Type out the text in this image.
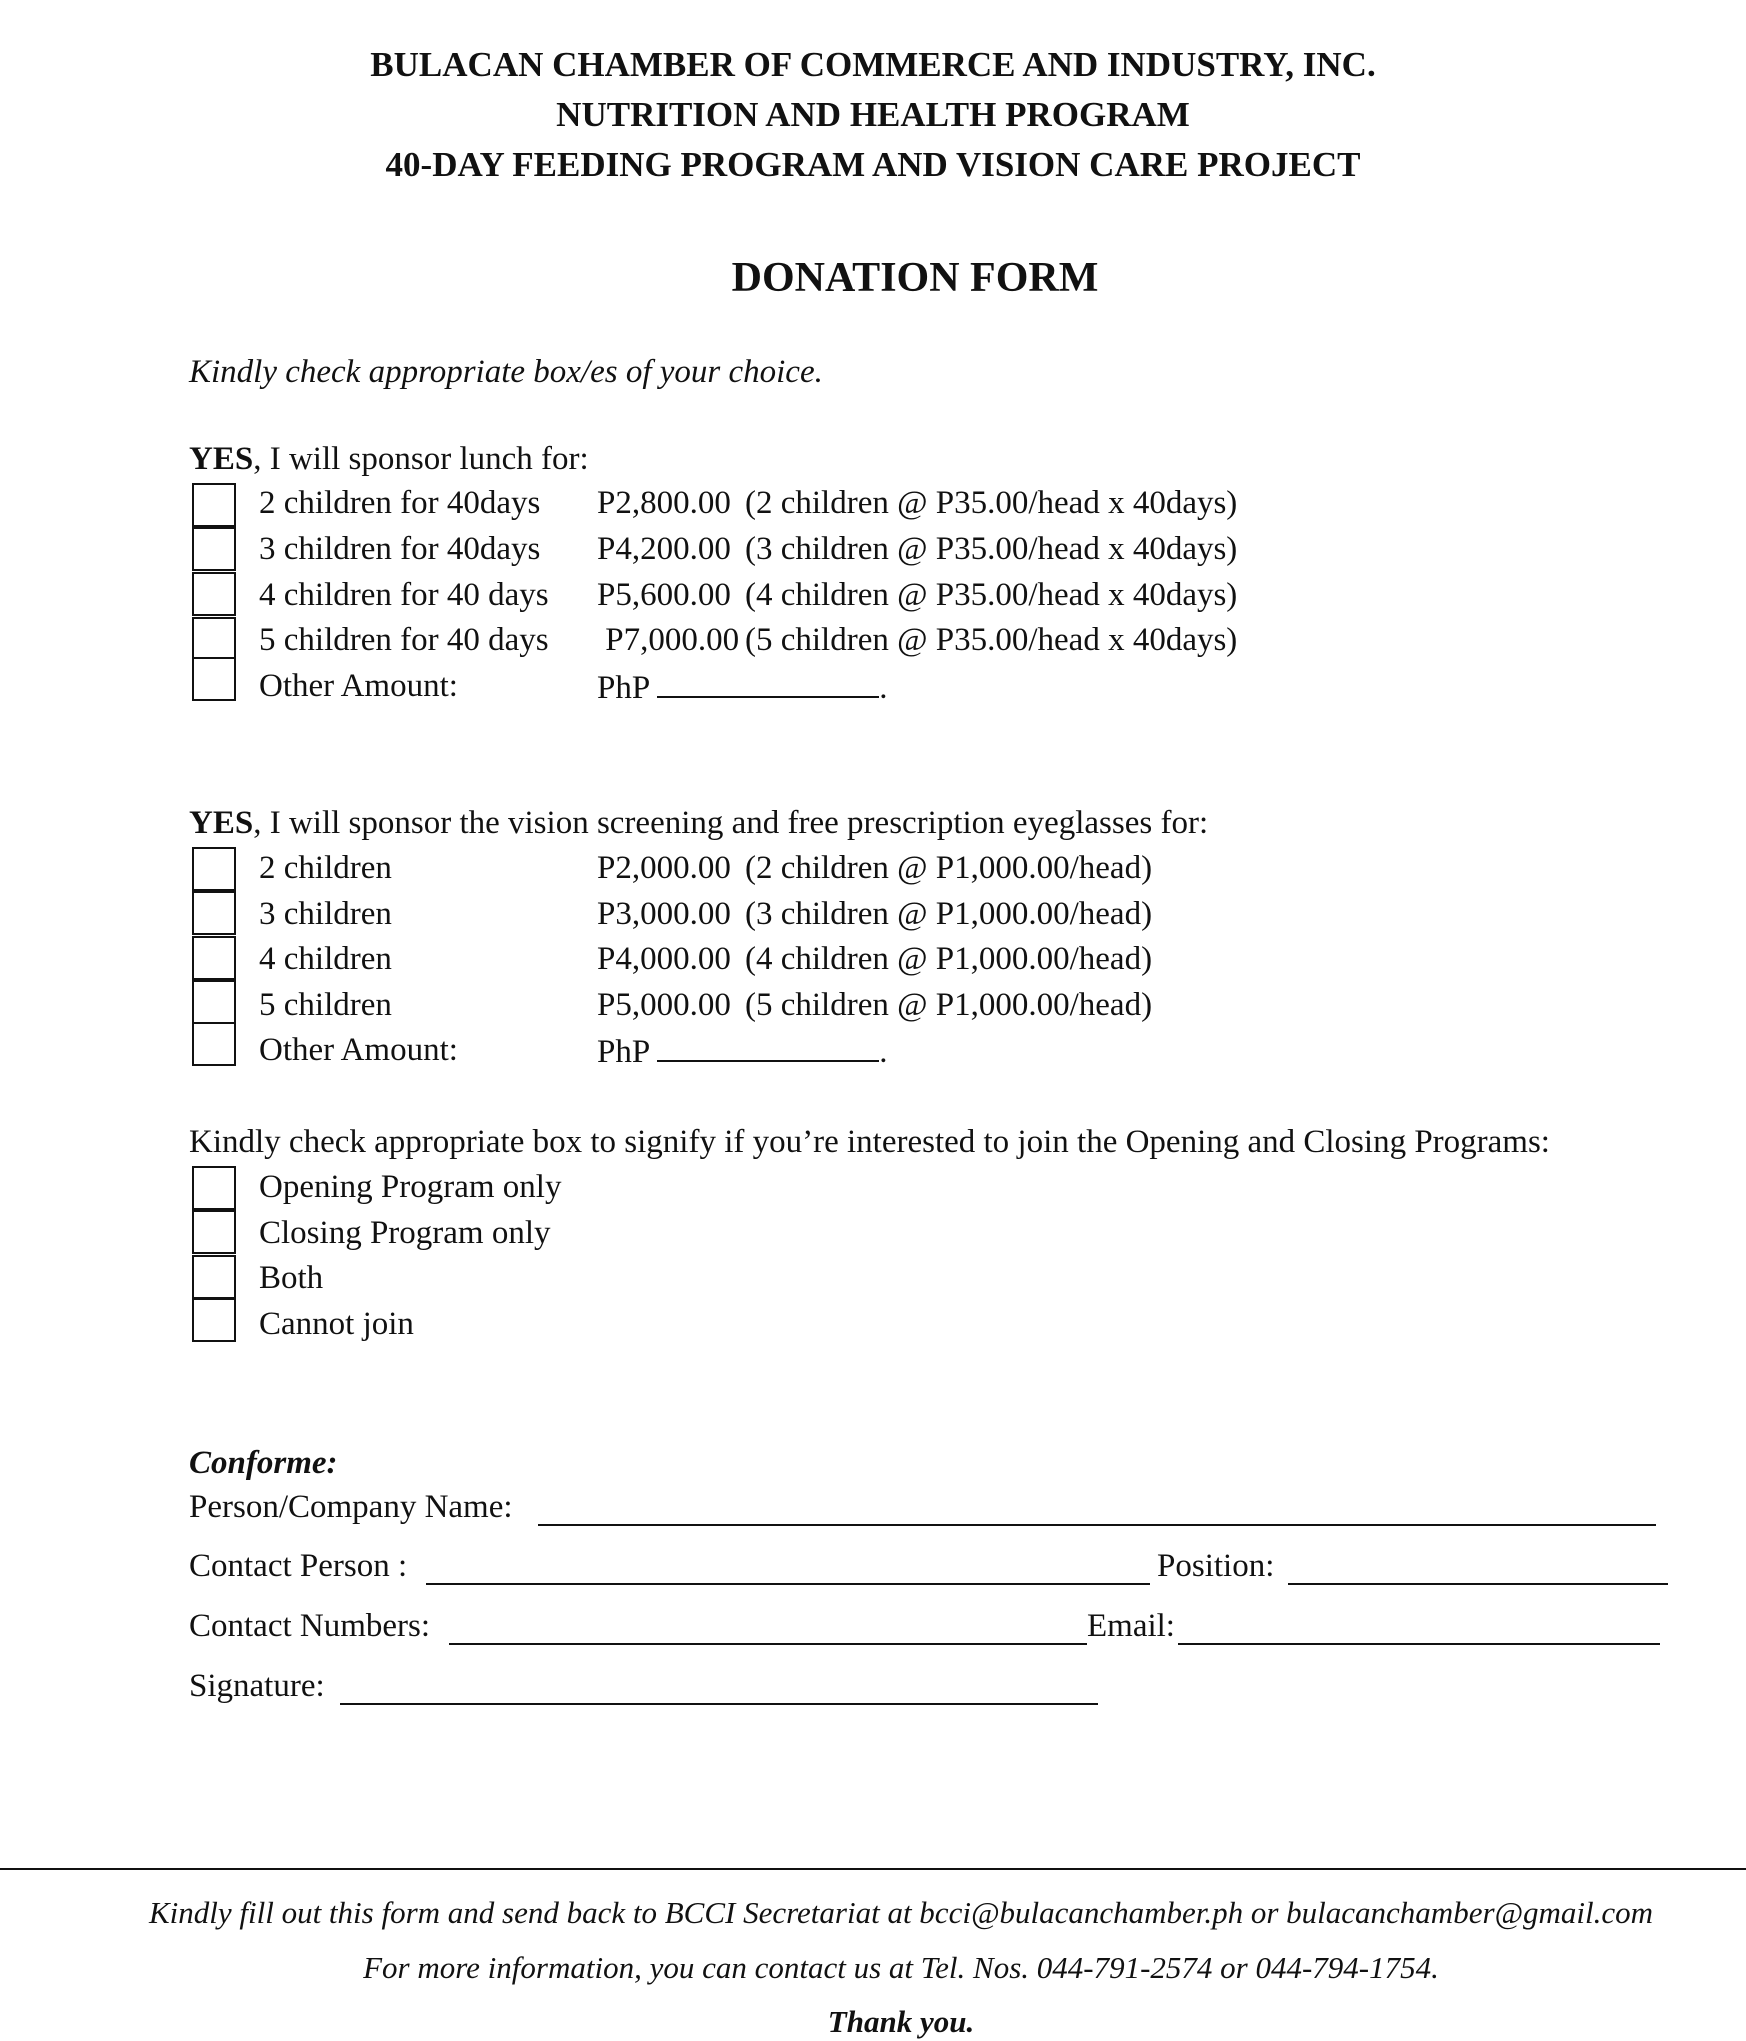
BULACAN CHAMBER OF COMMERCE AND INDUSTRY, INC.
NUTRITION AND HEALTH PROGRAM
40-DAY FEEDING PROGRAM AND VISION CARE PROJECT
DONATION FORM
Kindly check appropriate box/es of your choice.
YES, I will sponsor lunch for:
2 children for 40days P2,800.00 (2 children @ P35.00/head x 40days)
3 children for 40days P4,200.00 (3 children @ P35.00/head x 40days)
4 children for 40 days P5,600.00 (4 children @ P35.00/head x 40days)
5 children for 40 days P7,000.00 (5 children @ P35.00/head x 40days)
Other Amount:	PhP	.
YES, I will sponsor the vision screening and free prescription eyeglasses for:
2 children	P2,000.00 (2 children @ P1,000.00/head)
3 children	P3,000.00 (3 children @ P1,000.00/head)
4 children	P4,000.00 (4 children @ P1,000.00/head)
5 children	P5,000.00 (5 children @ P1,000.00/head)
Other Amount:	PhP	.
Kindly check appropriate box to signify if you’re interested to join the Opening and Closing Programs:
Opening Program only
Closing Program only
Both
Cannot join
Conforme:
Person/Company Name:
Contact Person :	Position:
Contact Numbers:	Email:
Signature:
Kindly fill out this form and send back to BCCI Secretariat at bcci@bulacanchamber.ph or bulacanchamber@gmail.com
For more information, you can contact us at Tel. Nos. 044-791-2574 or 044-794-1754.
Thank you.
